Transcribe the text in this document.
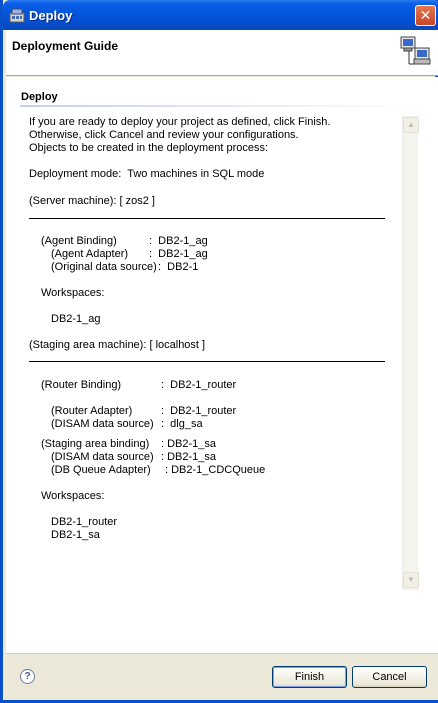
Deploy	✕
Deployment Guide
Deploy
If you are ready to deploy your project as defined, click Finish.
Otherwise, click Cancel and review your configurations.
Objects to be created in the deployment process:
Deployment mode:  Two machines in SQL mode
(Server machine): [ zos2 ]
(Agent Binding)	:  DB2-1_ag
(Agent Adapter) :  DB2-1_ag
(Original data source) :  DB2-1
Workspaces:
DB2-1_ag
(Staging area machine): [ localhost ]
(Router Binding)	:  DB2-1_router
(Router Adapter)	:  DB2-1_router
(DISAM data source) :  dlg_sa
(Staging area binding) : DB2-1_sa
(DISAM data source) : DB2-1_sa
(DB Queue Adapter) : DB2-1_CDCQueue
Workspaces:
DB2-1_router
DB2-1_sa
▲
▼
?	Finish	Cancel
